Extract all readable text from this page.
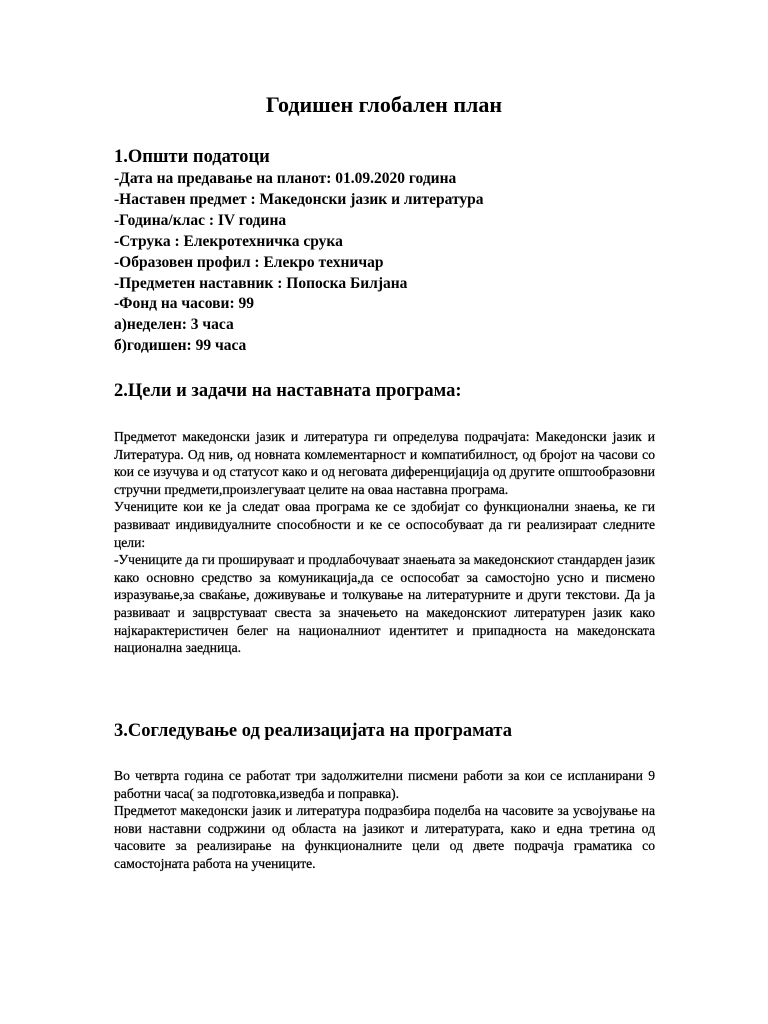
Годишен глобален план
1.Општи податоци
-Дата на предавање на планот: 01.09.2020 година
-Наставен предмет : Македонски јазик и литература
-Година/клас : IV година
-Струка : Елекротехничка срука
-Образовен профил : Елекро техничар
-Предметен наставник : Попоска Билјана
-Фонд на часови: 99
а)неделен: 3 часа
б)годишен: 99 часа
2.Цели и задачи на наставната програма:

Предметот македонски јазик и литература ги определува подрачјата: Македонски јазик и Литература. Од нив, од новната комлементарност и компатибилност, од бројот на часови со кои се изучува и од статусот како и од неговата диференцијација од другите општообразовни стручни предмети,произлегуваат целите на оваа наставна програма.

Учениците кои ке ја следат оваа програма ке се здобијат со функционални знаења, ке ги развиваат индивидуалните способности и ке се оспособуваат да ги реализираат следните цели:

-Учениците да ги прошируваат и продлабочуваат знаењата за македонскиот стандарден јазик како основно средство за комуникација,да се оспособат за самостојно усно и писмено изразување,за сваќање, доживување и толкување на литературните и други текстови. Да ја развиваат и зацврстуваат свеста за значењето на македонскиот литературен јазик како најкарактеристичен белег на националниот идентитет и припадноста на македонската национална заедница.

3.Согледување од реализацијата на програмата

Во четврта година се работат три задолжителни писмени работи за кои се испланирани 9 работни часа( за подготовка,изведба и поправка).

Предметот македонски јазик и литература подразбира поделба на часовите за усвојување на нови наставни содржини од областа на јазикот и литературата, како и една третина од часовите за реализирање на функционалните цели од двете подрачја граматика со самостојната работа на учениците.
